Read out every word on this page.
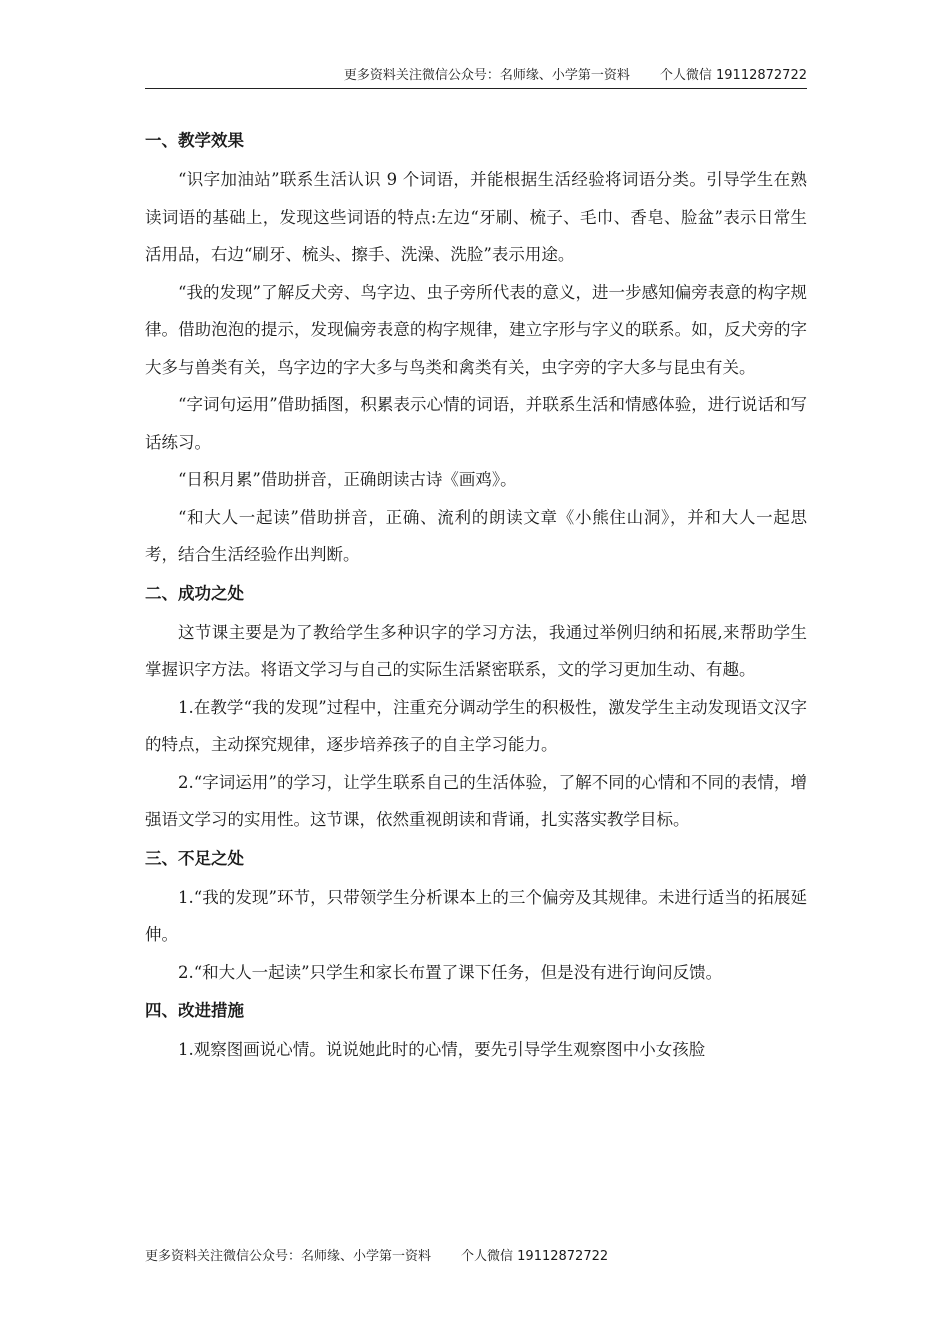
更多资料关注微信公众号：名师缘、小学第一资料 个人微信 19112872722
一、教学效果

“识字加油站”联系生活认识 9 个词语，并能根据生活经验将词语分类。引导学生在熟读词语的基础上，发现这些词语的特点:左边“牙刷、梳子、毛巾、香皂、脸盆”表示日常生活用品，右边“刷牙、梳头、擦手、洗澡、洗脸”表示用途。

“我的发现”了解反犬旁、鸟字边、虫子旁所代表的意义，进一步感知偏旁表意的构字规律。借助泡泡的提示，发现偏旁表意的构字规律，建立字形与字义的联系。如，反犬旁的字大多与兽类有关，鸟字边的字大多与鸟类和禽类有关，虫字旁的字大多与昆虫有关。

“字词句运用”借助插图，积累表示心情的词语，并联系生活和情感体验，进行说话和写话练习。

“日积月累”借助拼音，正确朗读古诗《画鸡》。

“和大人一起读”借助拼音，正确、流利的朗读文章《小熊住山洞》，并和大人一起思考，结合生活经验作出判断。

二、成功之处

这节课主要是为了教给学生多种识字的学习方法，我通过举例归纳和拓展,来帮助学生掌握识字方法。将语文学习与自己的实际生活紧密联系，文的学习更加生动、有趣。

1.在教学“我的发现”过程中，注重充分调动学生的积极性，激发学生主动发现语文汉字的特点，主动探究规律，逐步培养孩子的自主学习能力。

2.“字词运用”的学习，让学生联系自己的生活体验，了解不同的心情和不同的表情，增强语文学习的实用性。这节课，依然重视朗读和背诵，扎实落实教学目标。

三、不足之处

1.“我的发现”环节，只带领学生分析课本上的三个偏旁及其规律。未进行适当的拓展延伸。

2.“和大人一起读”只学生和家长布置了课下任务，但是没有进行询问反馈。

四、改进措施

1.观察图画说心情。说说她此时的心情，要先引导学生观察图中小女孩脸

更多资料关注微信公众号：名师缘、小学第一资料 个人微信 19112872722
